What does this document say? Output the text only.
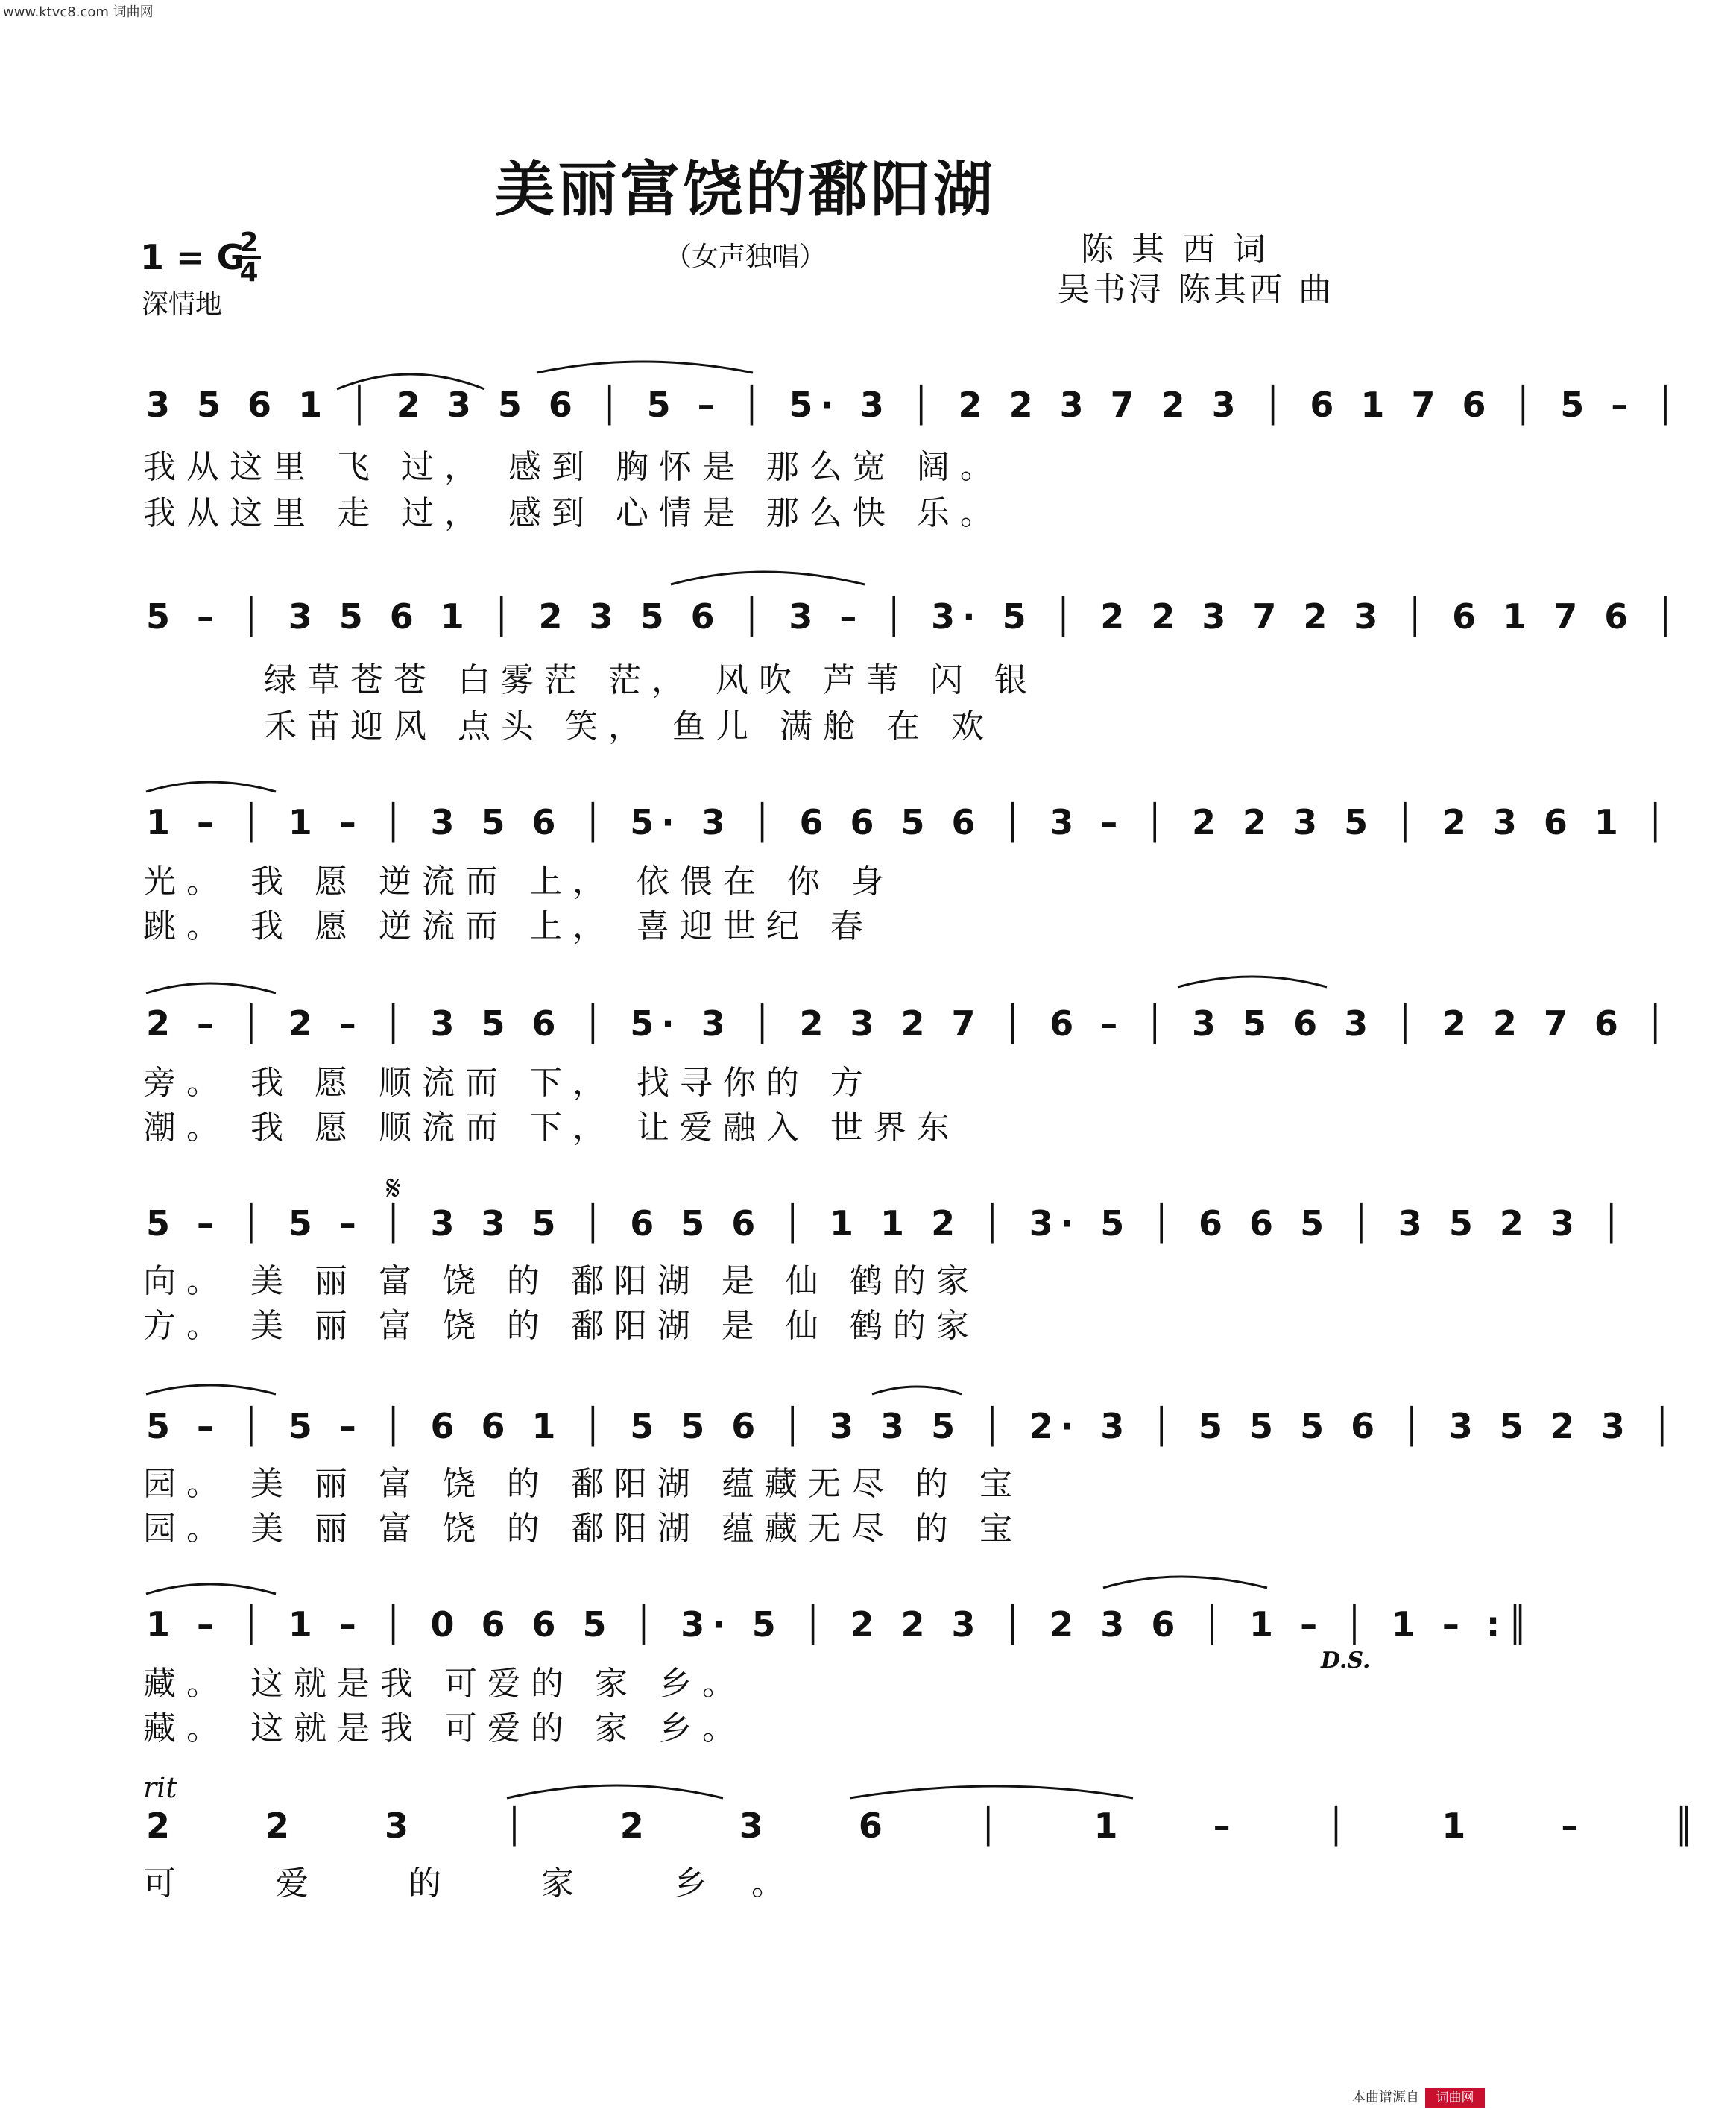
www.ktvc8.com 词曲网
美丽富饶的鄱阳湖
（女声独唱）
1 = G
2
4
深情地
陈其西词
吴书浔 陈其西 曲
3 5 6 1 │ 2 3 5 6 │ 5 – │ 5· 3 │ 2 2 3 7 2 3 │ 6 1 7 6 │ 5 – │
我从这里 飞 过， 感到 胸怀是 那么宽 阔。
我从这里 走 过， 感到 心情是 那么快 乐。
5 – │ 3 5 6 1 │ 2 3 5 6 │ 3 – │ 3· 5 │ 2 2 3 7 2 3 │ 6 1 7 6 │
绿草苍苍 白雾茫 茫， 风吹 芦苇 闪 银
禾苗迎风 点头 笑， 鱼儿 满舱 在 欢
1 – │ 1 – │ 3 5 6 │ 5· 3 │ 6 6 5 6 │ 3 – │ 2 2 3 5 │ 2 3 6 1 │
光。 我 愿 逆流而 上， 依偎在 你 身
跳。 我 愿 逆流而 上， 喜迎世纪 春
2 – │ 2 – │ 3 5 6 │ 5· 3 │ 2 3 2 7 │ 6 – │ 3 5 6 3 │ 2 2 7 6 │
旁。 我 愿 顺流而 下， 找寻你的 方
潮。 我 愿 顺流而 下， 让爱融入 世界东
𝄋
5 – │ 5 – │ 3 3 5 │ 6 5 6 │ 1 1 2 │ 3· 5 │ 6 6 5 │ 3 5 2 3 │
向。 美 丽 富 饶 的 鄱阳湖 是 仙 鹤的家
方。 美 丽 富 饶 的 鄱阳湖 是 仙 鹤的家
5 – │ 5 – │ 6 6 1 │ 5 5 6 │ 3 3 5 │ 2· 3 │ 5 5 5 6 │ 3 5 2 3 │
园。 美 丽 富 饶 的 鄱阳湖 蕴藏无尽 的 宝
园。 美 丽 富 饶 的 鄱阳湖 蕴藏无尽 的 宝
1 – │ 1 – │ 0 6 6 5 │ 3· 5 │ 2 2 3 │ 2 3 6 │ 1 – │ 1 – :║
藏。 这就是我 可爱的 家 乡。
藏。 这就是我 可爱的 家 乡。
D.S.
rit
2 2 3 │ 2 3 6 │ 1 – │ 1 – ║
可 爱 的 家 乡。
本曲谱源自	词曲网
